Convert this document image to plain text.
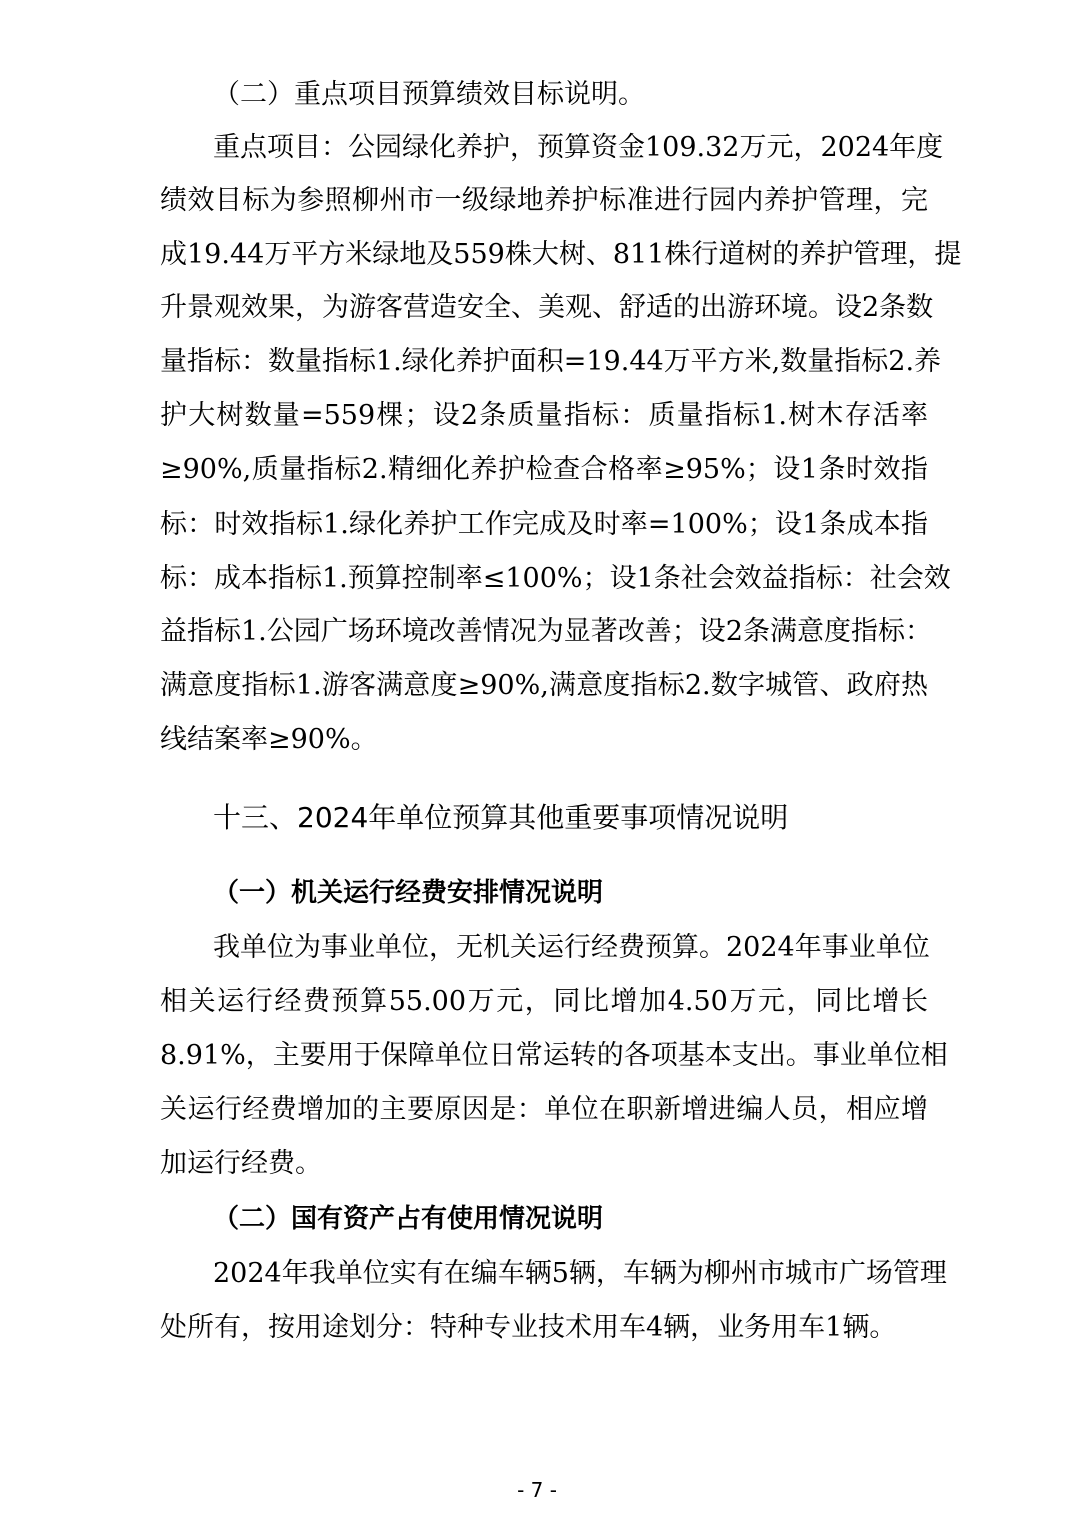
（二）重点项目预算绩效目标说明。
重点项目：公园绿化养护，预算资金109.32万元，2024年度
绩效目标为参照柳州市一级绿地养护标准进行园内养护管理，完
成19.44万平方米绿地及559株大树、811株行道树的养护管理，提
升景观效果，为游客营造安全、美观、舒适的出游环境。设2条数
量指标：数量指标1.绿化养护面积=19.44万平方米,数量指标2.养
护大树数量=559棵；设2条质量指标：质量指标1.树木存活率
≥90%,质量指标2.精细化养护检查合格率≥95%；设1条时效指
标：时效指标1.绿化养护工作完成及时率=100%；设1条成本指
标：成本指标1.预算控制率≤100%；设1条社会效益指标：社会效
益指标1.公园广场环境改善情况为显著改善；设2条满意度指标：
满意度指标1.游客满意度≥90%,满意度指标2.数字城管、政府热
线结案率≥90%。
十三、2024年单位预算其他重要事项情况说明
（一）机关运行经费安排情况说明
我单位为事业单位，无机关运行经费预算。2024年事业单位
相关运行经费预算55.00万元，同比增加4.50万元，同比增长
8.91%，主要用于保障单位日常运转的各项基本支出。事业单位相
关运行经费增加的主要原因是：单位在职新增进编人员，相应增
加运行经费。
（二）国有资产占有使用情况说明
2024年我单位实有在编车辆5辆，车辆为柳州市城市广场管理
处所有，按用途划分：特种专业技术用车4辆，业务用车1辆。
- 7 -
